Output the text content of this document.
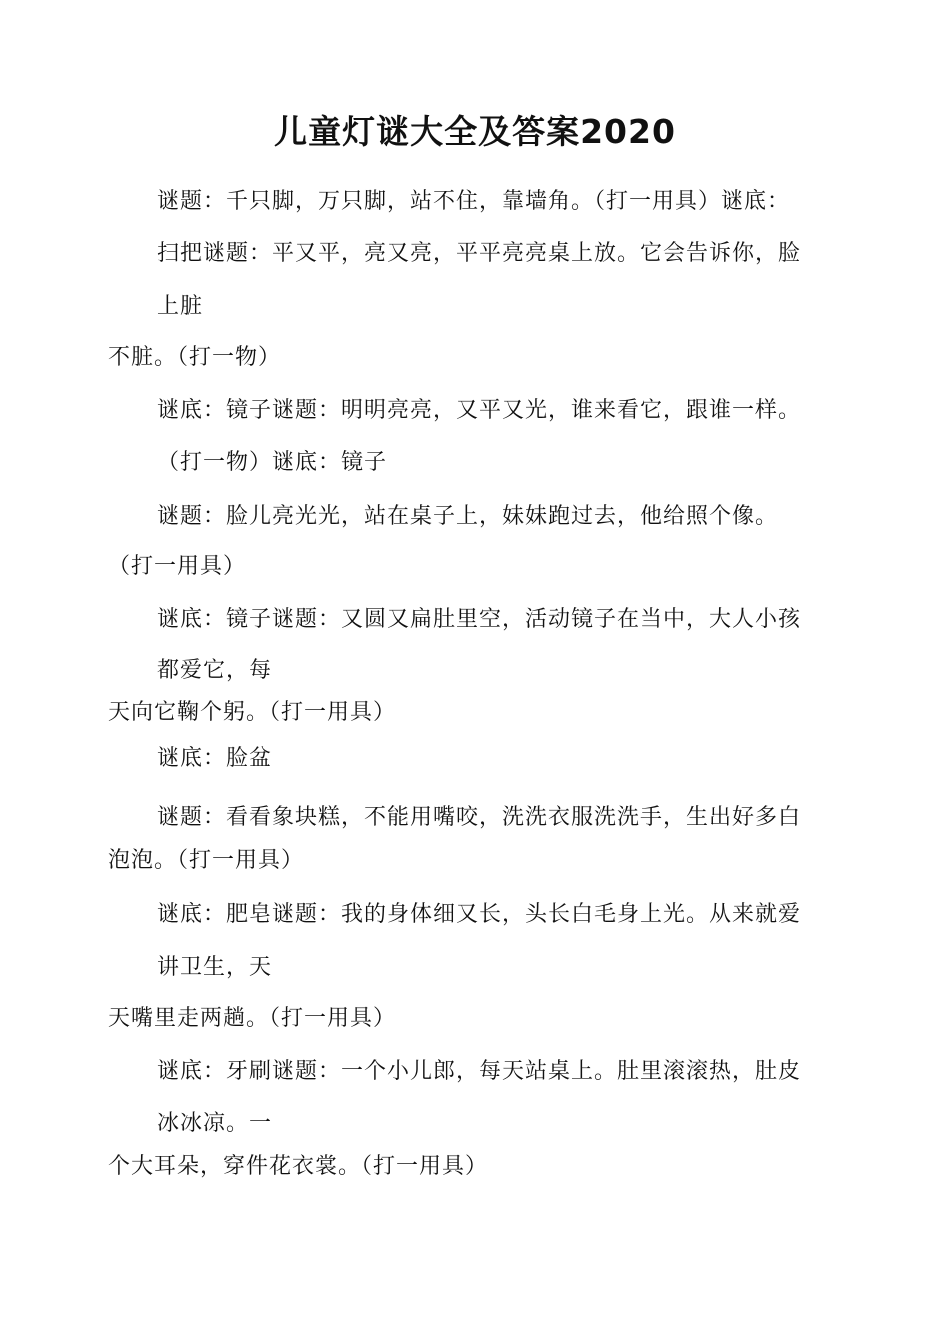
儿童灯谜大全及答案2020
谜题：千只脚，万只脚，站不住，靠墙角。（打一用具）谜底：
扫把谜题：平又平，亮又亮，平平亮亮桌上放。它会告诉你，脸
上脏
不脏。（打一物）
谜底：镜子谜题：明明亮亮，又平又光，谁来看它，跟谁一样。
（打一物）谜底：镜子
谜题：脸儿亮光光，站在桌子上，妹妹跑过去，他给照个像。
（打一用具）
谜底：镜子谜题：又圆又扁肚里空，活动镜子在当中，大人小孩
都爱它，每
天向它鞠个躬。（打一用具）
谜底：脸盆
谜题：看看象块糕，不能用嘴咬，洗洗衣服洗洗手，生出好多白
泡泡。（打一用具）
谜底：肥皂谜题：我的身体细又长，头长白毛身上光。从来就爱
讲卫生，天
天嘴里走两趟。（打一用具）
谜底：牙刷谜题：一个小儿郎，每天站桌上。肚里滚滚热，肚皮
冰冰凉。一
个大耳朵，穿件花衣裳。（打一用具）
